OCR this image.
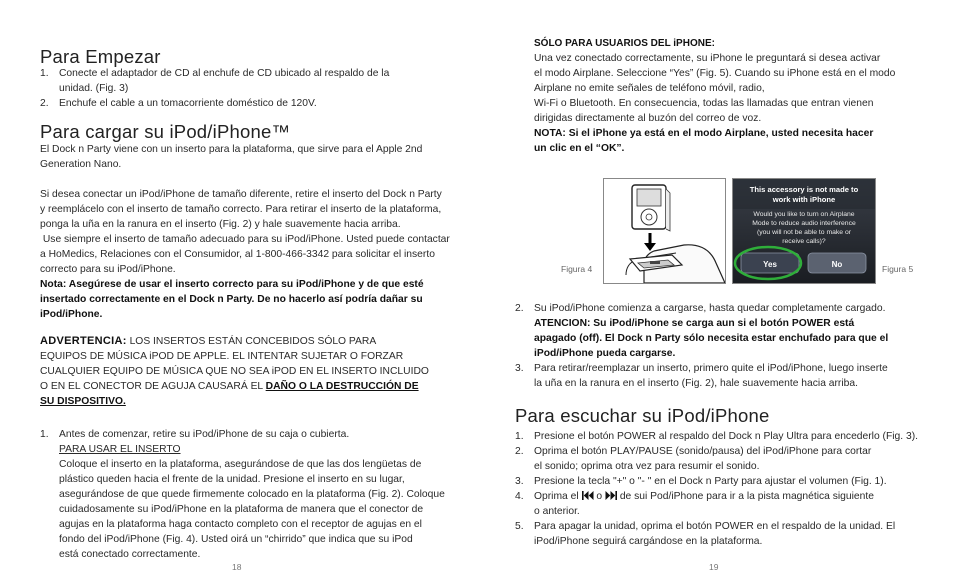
Para Empezar
1. Conecte el adaptador de CD al enchufe de CD ubicado al respaldo de la
unidad. (Fig. 3)
2. Enchufe el cable a un tomacorriente doméstico de 120V.
Para cargar su iPod/iPhone™
El Dock n Party viene con un inserto para la plataforma, que sirve para el Apple 2nd
Generation Nano.
Si desea conectar un iPod/iPhone de tamaño diferente, retire el inserto del Dock n Party
y reemplácelo con el inserto de tamaño correcto. Para retirar el inserto de la plataforma,
ponga la uña en la ranura en el inserto (Fig. 2) y hale suavemente hacia arriba.
Use siempre el inserto de tamaño adecuado para su iPod/iPhone. Usted puede contactar
a HoMedics, Relaciones con el Consumidor, al 1-800-466-3342 para solicitar el inserto
correcto para su iPod/iPhone.
Nota: Asegúrese de usar el inserto correcto para su iPod/iPhone y de que esté
insertado correctamente en el Dock n Party. De no hacerlo así podría dañar su
iPod/iPhone.
ADVERTENCIA: LOS INSERTOS ESTÁN CONCEBIDOS SÓLO PARA
EQUIPOS DE MÚSICA iPOD DE APPLE. EL INTENTAR SUJETAR O FORZAR
CUALQUIER EQUIPO DE MÚSICA QUE NO SEA iPOD EN EL INSERTO INCLUIDO
O EN EL CONECTOR DE AGUJA CAUSARÁ EL DAÑO O LA DESTRUCCIÓN DE
SU DISPOSITIVO.
1. Antes de comenzar, retire su iPod/iPhone de su caja o cubierta.
PARA USAR EL INSERTO
Coloque el inserto en la plataforma, asegurándose de que las dos lengüetas de
plástico queden hacia el frente de la unidad. Presione el inserto en su lugar,
asegurándose de que quede firmemente colocado en la plataforma (Fig. 2). Coloque
cuidadosamente su iPod/iPhone en la plataforma de manera que el conector de
agujas en la plataforma haga contacto completo con el receptor de agujas en el
fondo del iPod/iPhone (Fig. 4). Usted oirá un “chirrido” que indica que su iPod
está conectado correctamente.
18
SÓLO PARA USUARIOS DEL iPHONE:
Una vez conectado correctamente, su iPhone le preguntará si desea activar
el modo Airplane. Seleccione “Yes” (Fig. 5). Cuando su iPhone está en el modo
Airplane no emite señales de teléfono móvil, radio,
Wi-Fi o Bluetooth. En consecuencia, todas las llamadas que entran vienen
dirigidas directamente al buzón del correo de voz.
NOTA: Si el iPhone ya está en el modo Airplane, usted necesita hacer
un clic en el “OK”.
Figura 4
This accessory is not made to
work with iPhone
Would you like to turn on Airplane
Mode to reduce audio interference
(you will not be able to make or
receive calls)?
Yes	No	Figura 5
2. Su iPod/iPhone comienza a cargarse, hasta quedar completamente cargado.
ATENCION: Su iPod/iPhone se carga aun si el botón POWER está
apagado (off). El Dock n Party sólo necesita estar enchufado para que el
iPod/iPhone pueda cargarse.
3. Para retirar/reemplazar un inserto, primero quite el iPod/iPhone, luego inserte
la uña en la ranura en el inserto (Fig. 2), hale suavemente hacia arriba.
Para escuchar su iPod/iPhone
1. Presione el botón POWER al respaldo del Dock n Play Ultra para encederlo (Fig. 3).
2. Oprima el botón PLAY/PAUSE (sonido/pausa) del iPod/iPhone para cortar
el sonido; oprima otra vez para resumir el sonido.
3. Presione la tecla "+" o "- " en el Dock n Party para ajustar el volumen (Fig. 1).
4. Oprima el  o  de sui Pod/iPhone para ir a la pista magnética siguiente
o anterior.
5. Para apagar la unidad, oprima el botón POWER en el respaldo de la unidad. El
iPod/iPhone seguirá cargándose en la plataforma.
19
